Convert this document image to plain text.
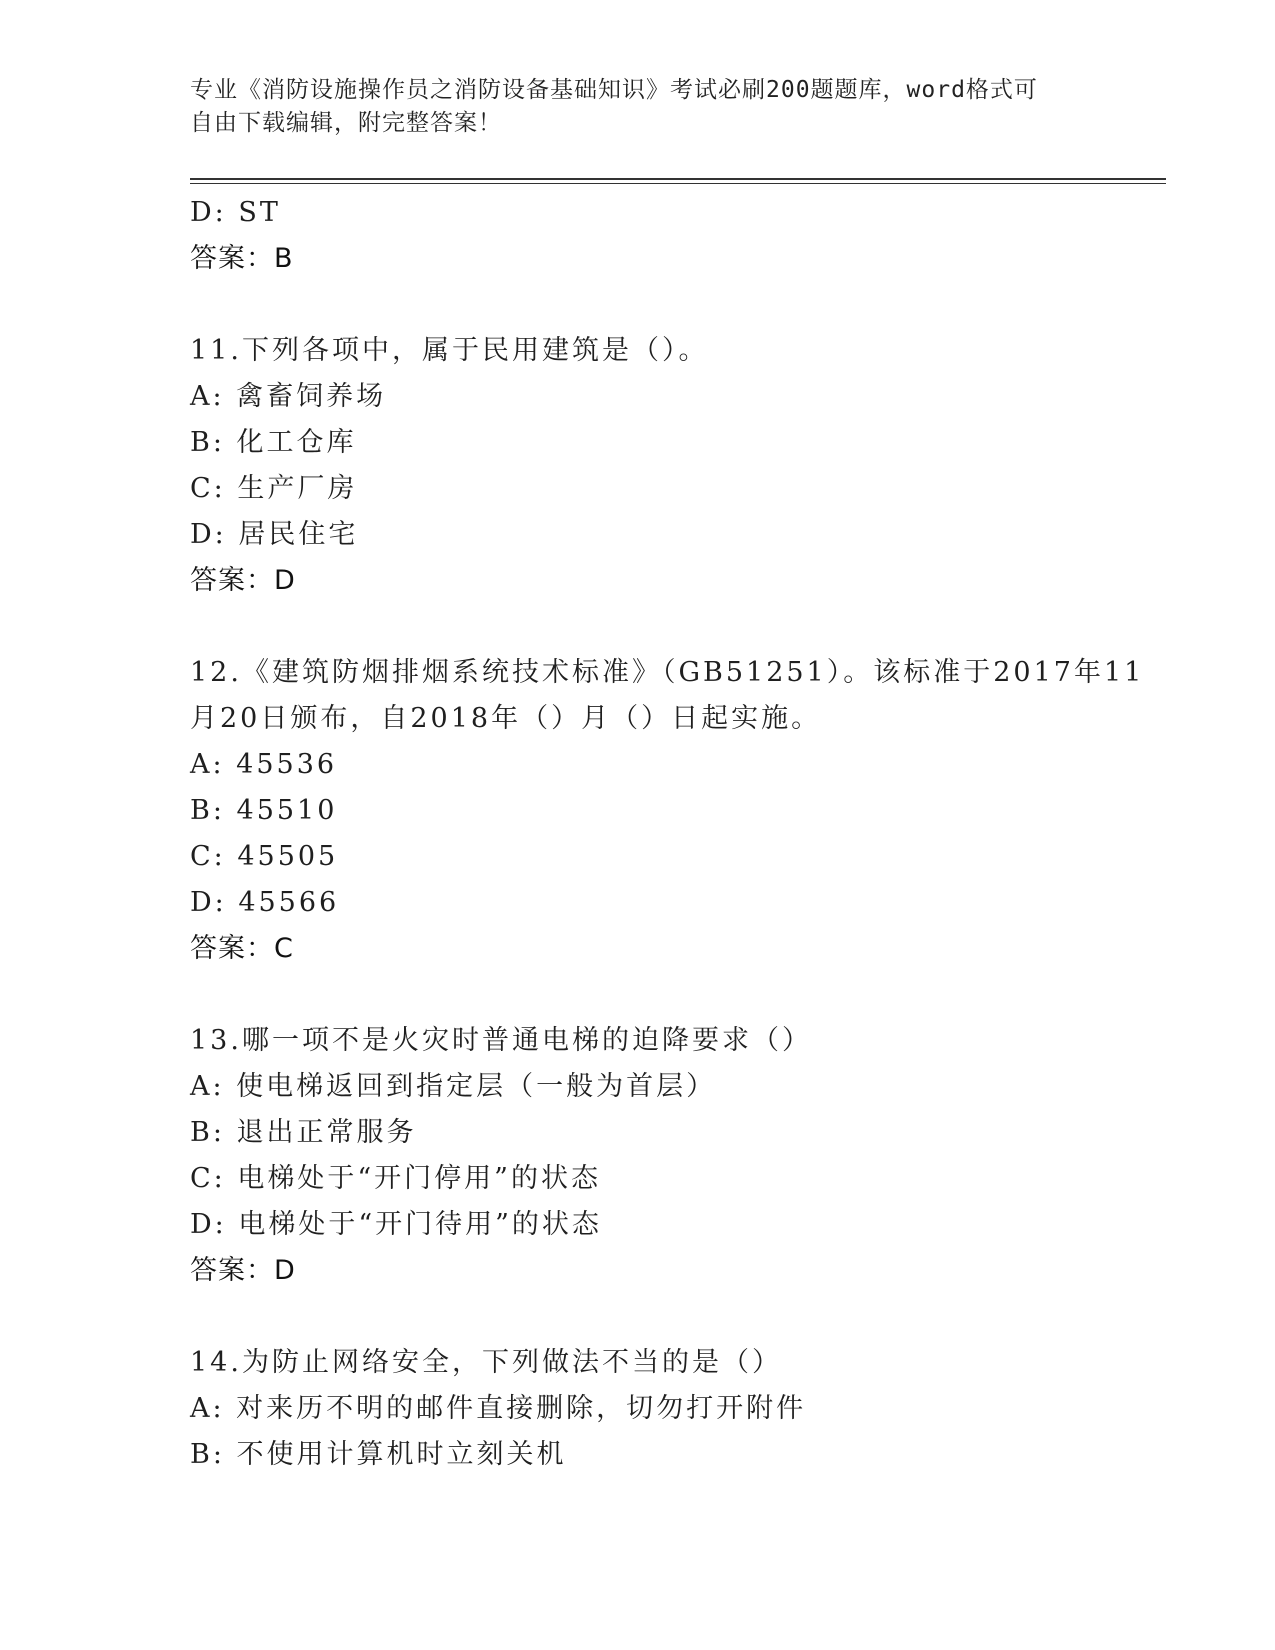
专业《消防设施操作员之消防设备基础知识》考试必刷200题题库，word格式可
自由下载编辑，附完整答案！
D: ST
答案：B
11.下列各项中，属于民用建筑是（）。
A: 禽畜饲养场
B: 化工仓库
C: 生产厂房
D: 居民住宅
答案：D
12.《建筑防烟排烟系统技术标准》（GB51251）。该标准于2017年11
月20日颁布，自2018年（）月（）日起实施。
A: 45536
B: 45510
C: 45505
D: 45566
答案：C
13.哪一项不是火灾时普通电梯的迫降要求（）
A: 使电梯返回到指定层（一般为首层）
B: 退出正常服务
C: 电梯处于“开门停用”的状态
D: 电梯处于“开门待用”的状态
答案：D
14.为防止网络安全，下列做法不当的是（）
A: 对来历不明的邮件直接删除，切勿打开附件
B: 不使用计算机时立刻关机
